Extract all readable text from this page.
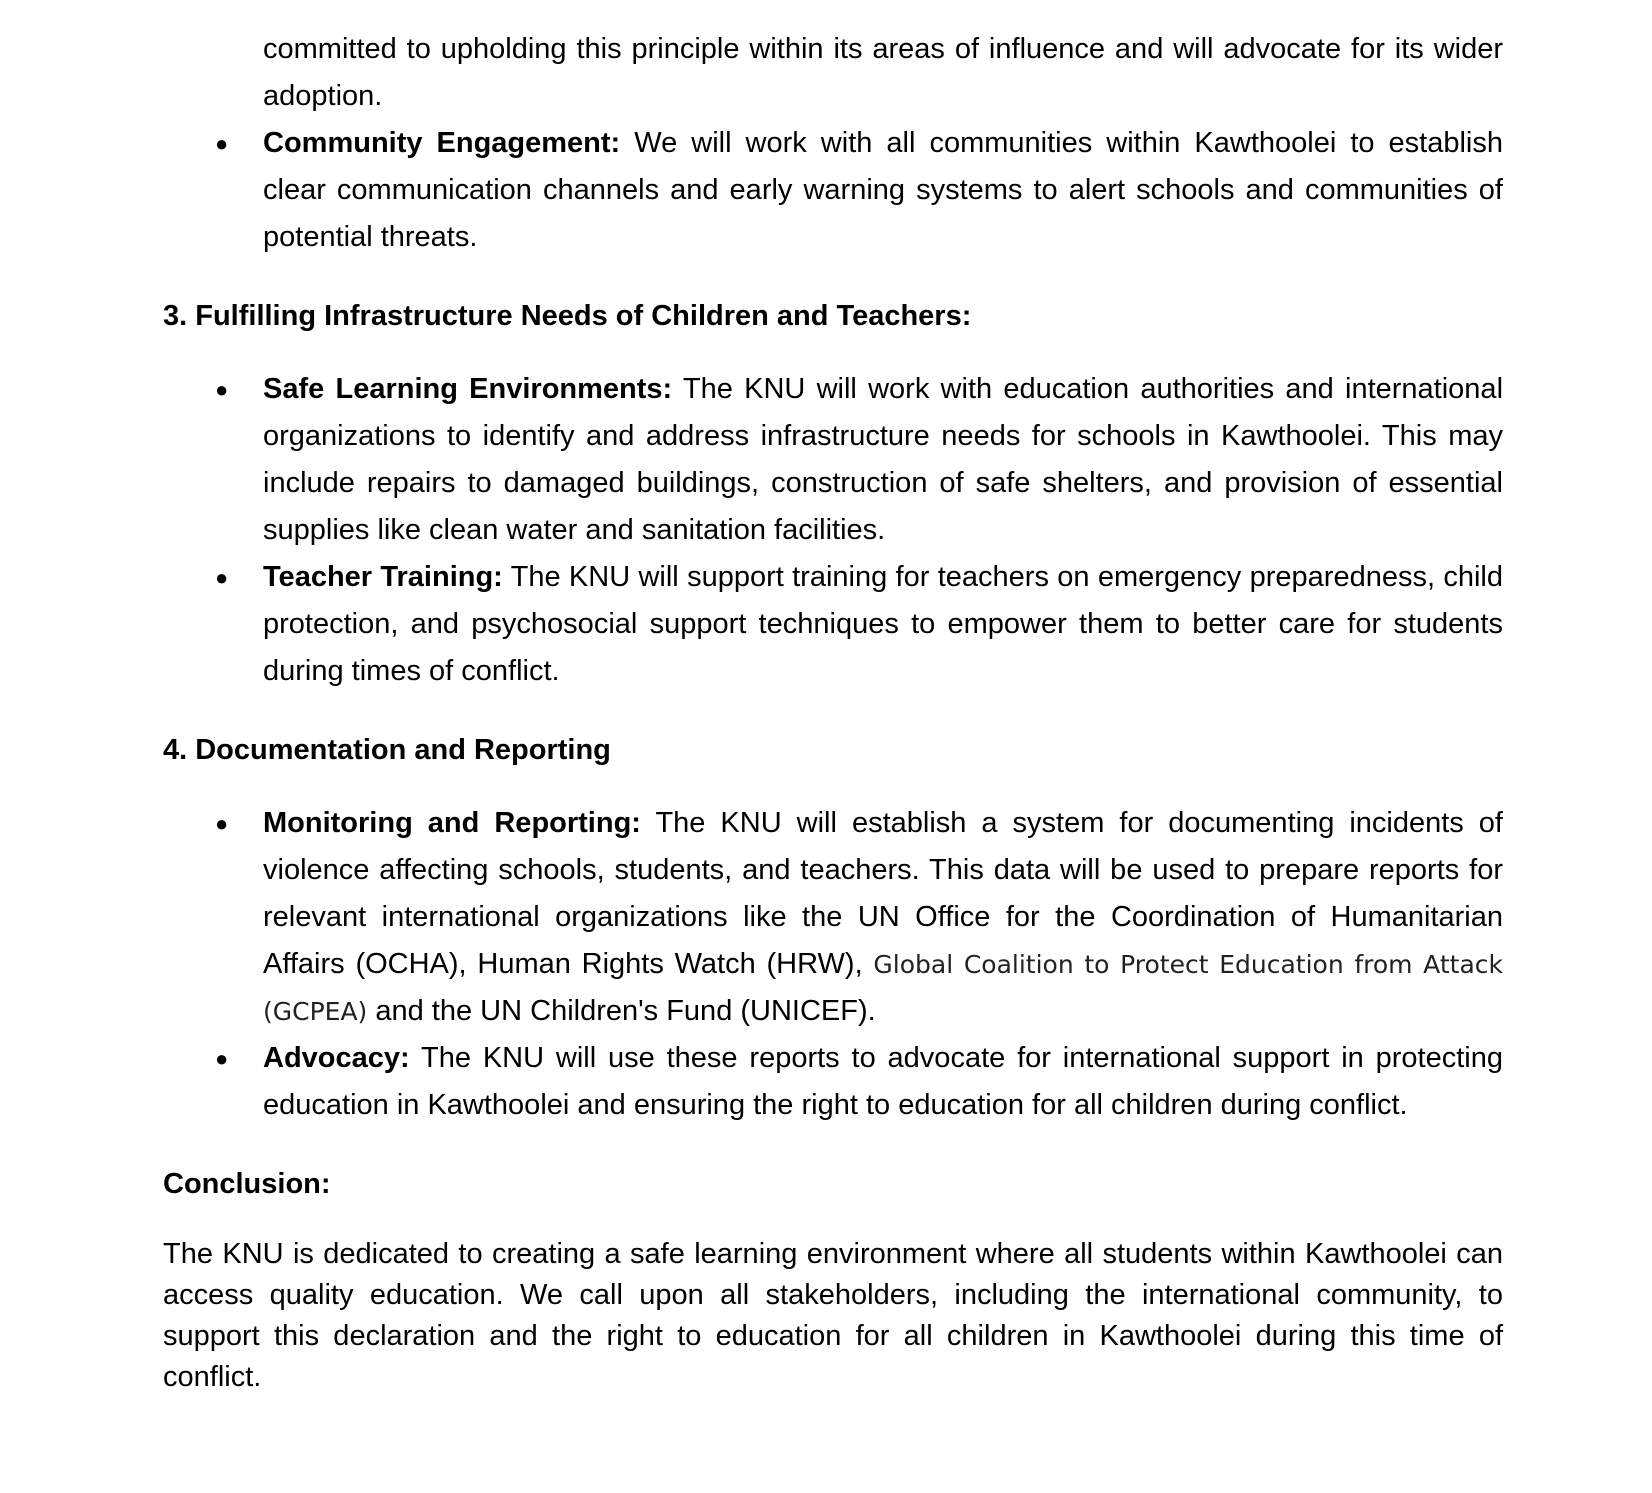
committed to upholding this principle within its areas of influence and will advocate for its wider adoption.
● Community Engagement: We will work with all communities within Kawthoolei to establish clear communication channels and early warning systems to alert schools and communities of potential threats.
3. Fulfilling Infrastructure Needs of Children and Teachers:
● Safe Learning Environments: The KNU will work with education authorities and international organizations to identify and address infrastructure needs for schools in Kawthoolei. This may include repairs to damaged buildings, construction of safe shelters, and provision of essential supplies like clean water and sanitation facilities.
● Teacher Training: The KNU will support training for teachers on emergency preparedness, child protection, and psychosocial support techniques to empower them to better care for students during times of conflict.
4. Documentation and Reporting
● Monitoring and Reporting: The KNU will establish a system for documenting incidents of violence affecting schools, students, and teachers. This data will be used to prepare reports for relevant international organizations like the UN Office for the Coordination of Humanitarian Affairs (OCHA), Human Rights Watch (HRW), Global Coalition to Protect Education from Attack (GCPEA) and the UN Children's Fund (UNICEF).
● Advocacy: The KNU will use these reports to advocate for international support in protecting education in Kawthoolei and ensuring the right to education for all children during conflict.
Conclusion:

The KNU is dedicated to creating a safe learning environment where all students within Kawthoolei can access quality education. We call upon all stakeholders, including the international community, to support this declaration and the right to education for all children in Kawthoolei during this time of conflict.
